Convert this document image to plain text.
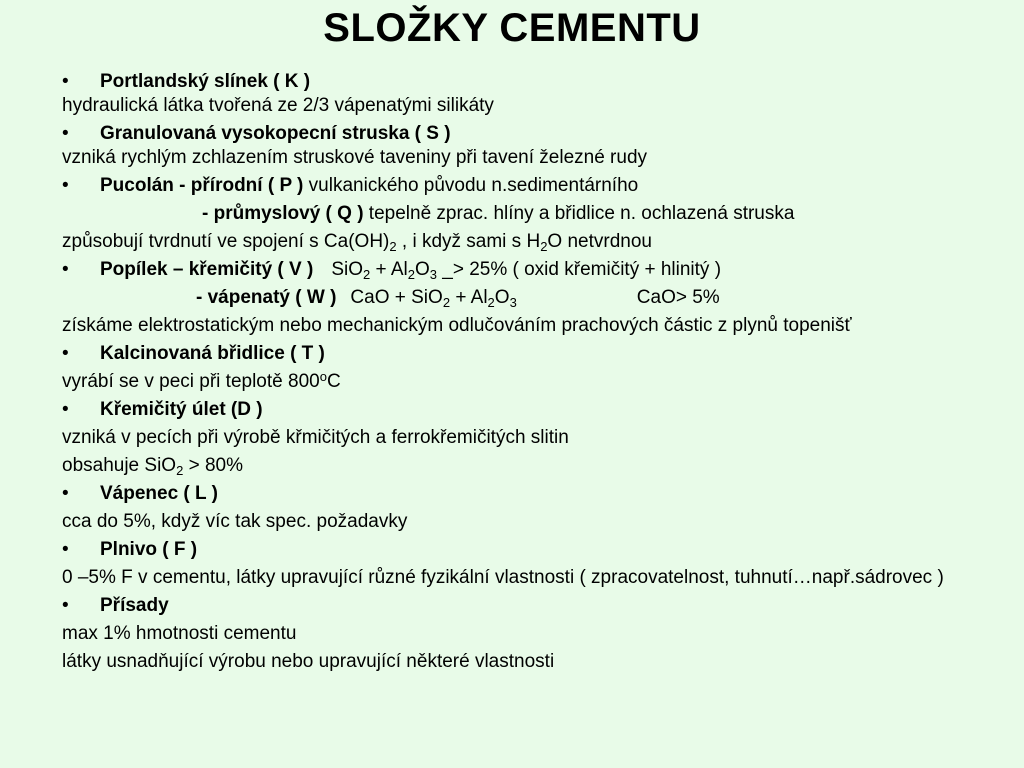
SLOŽKY CEMENTU

• Portlandský slínek ( K )

hydraulická látka tvořená ze 2/3 vápenatými silikáty

• Granulovaná vysokopecní struska ( S )

vzniká rychlým zchlazením struskové taveniny při tavení železné rudy

• Pucolán - přírodní ( P ) vulkanického původu n.sedimentárního

- průmyslový ( Q ) tepelně zprac. hlíny a břidlice n. ochlazená struska

způsobují tvrdnutí ve spojení s $Ca(OH)_2$ , i když sami s $H_2O$ netvrdnou

• Popílek – křemičitý ( V ) $SiO_2 + Al_2O_3$ _> 25% ( oxid křemičitý + hlinitý )

- vápenatý ( W ) CaO + $SiO_2 + Al_2O_3$	CaO> 5%

získáme elektrostatickým nebo mechanickým odlučováním prachových částic z plynů topenišť

• Kalcinovaná břidlice ( T )

vyrábí se v peci při teplotě 800$^o$C

• Křemičitý úlet (D )

vzniká v pecích při výrobě křmičitých a ferrokřemičitých slitin

obsahuje SiO$_2$ > 80%

• Vápenec ( L )

cca do 5%, když víc tak spec. požadavky

• Plnivo ( F )

0 –5% F v cementu, látky upravující různé fyzikální vlastnosti ( zpracovatelnost, tuhnutí…např.sádrovec )

• Přísady

max 1% hmotnosti cementu

látky usnadňující výrobu nebo upravující některé vlastnosti
